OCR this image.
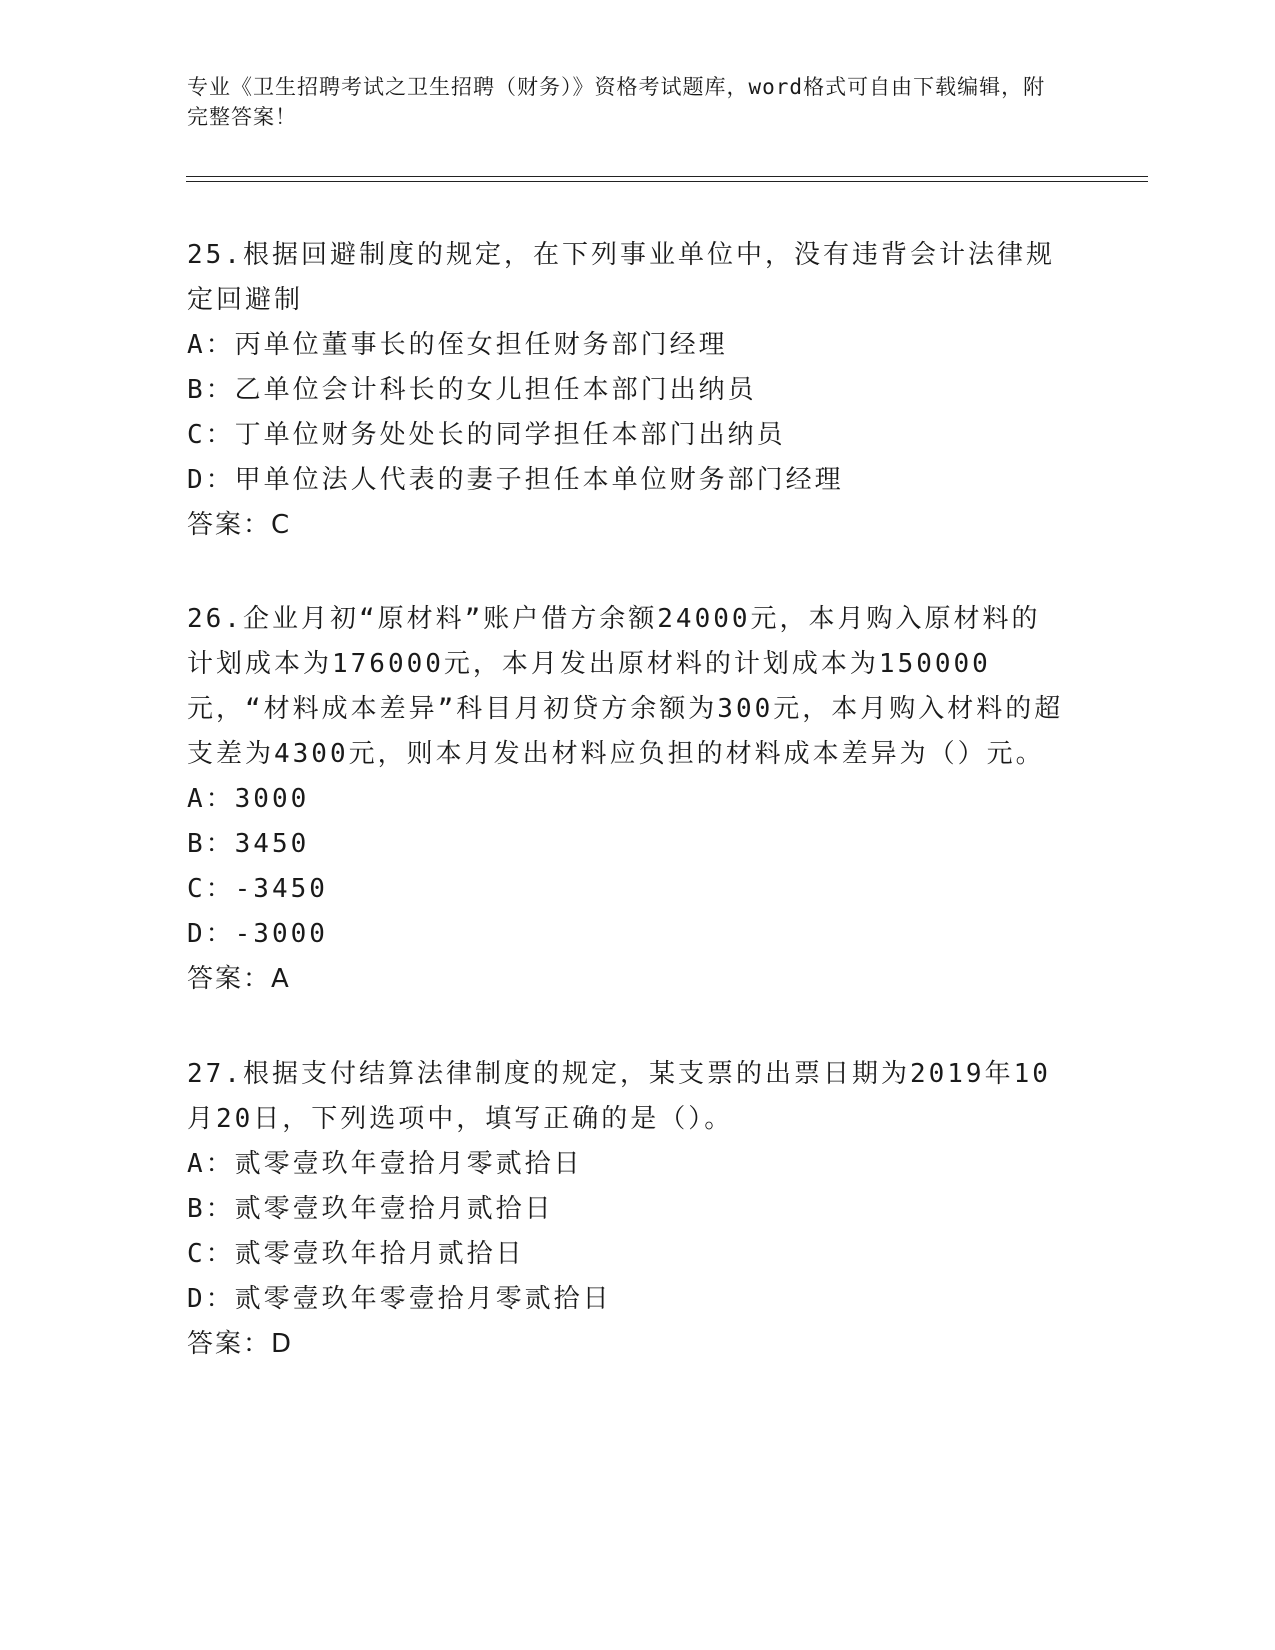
专业《卫生招聘考试之卫生招聘（财务）》资格考试题库，word格式可自由下载编辑，附完整答案！

25.根据回避制度的规定，在下列事业单位中，没有违背会计法律规定回避制

A：丙单位董事长的侄女担任财务部门经理
B：乙单位会计科长的女儿担任本部门出纳员
C：丁单位财务处处长的同学担任本部门出纳员
D：甲单位法人代表的妻子担任本单位财务部门经理
答案：C

26.企业月初“原材料”账户借方余额24000元，本月购入原材料的计划成本为176000元，本月发出原材料的计划成本为150000元，“材料成本差异”科目月初贷方余额为300元，本月购入材料的超支差为4300元，则本月发出材料应负担的材料成本差异为（）元。

A：3000
B：3450
C：-3450
D：-3000
答案：A

27.根据支付结算法律制度的规定，某支票的出票日期为2019年10月20日，下列选项中，填写正确的是（）。

A：贰零壹玖年壹拾月零贰拾日
B：贰零壹玖年壹拾月贰拾日
C：贰零壹玖年拾月贰拾日
D：贰零壹玖年零壹拾月零贰拾日
答案：D
